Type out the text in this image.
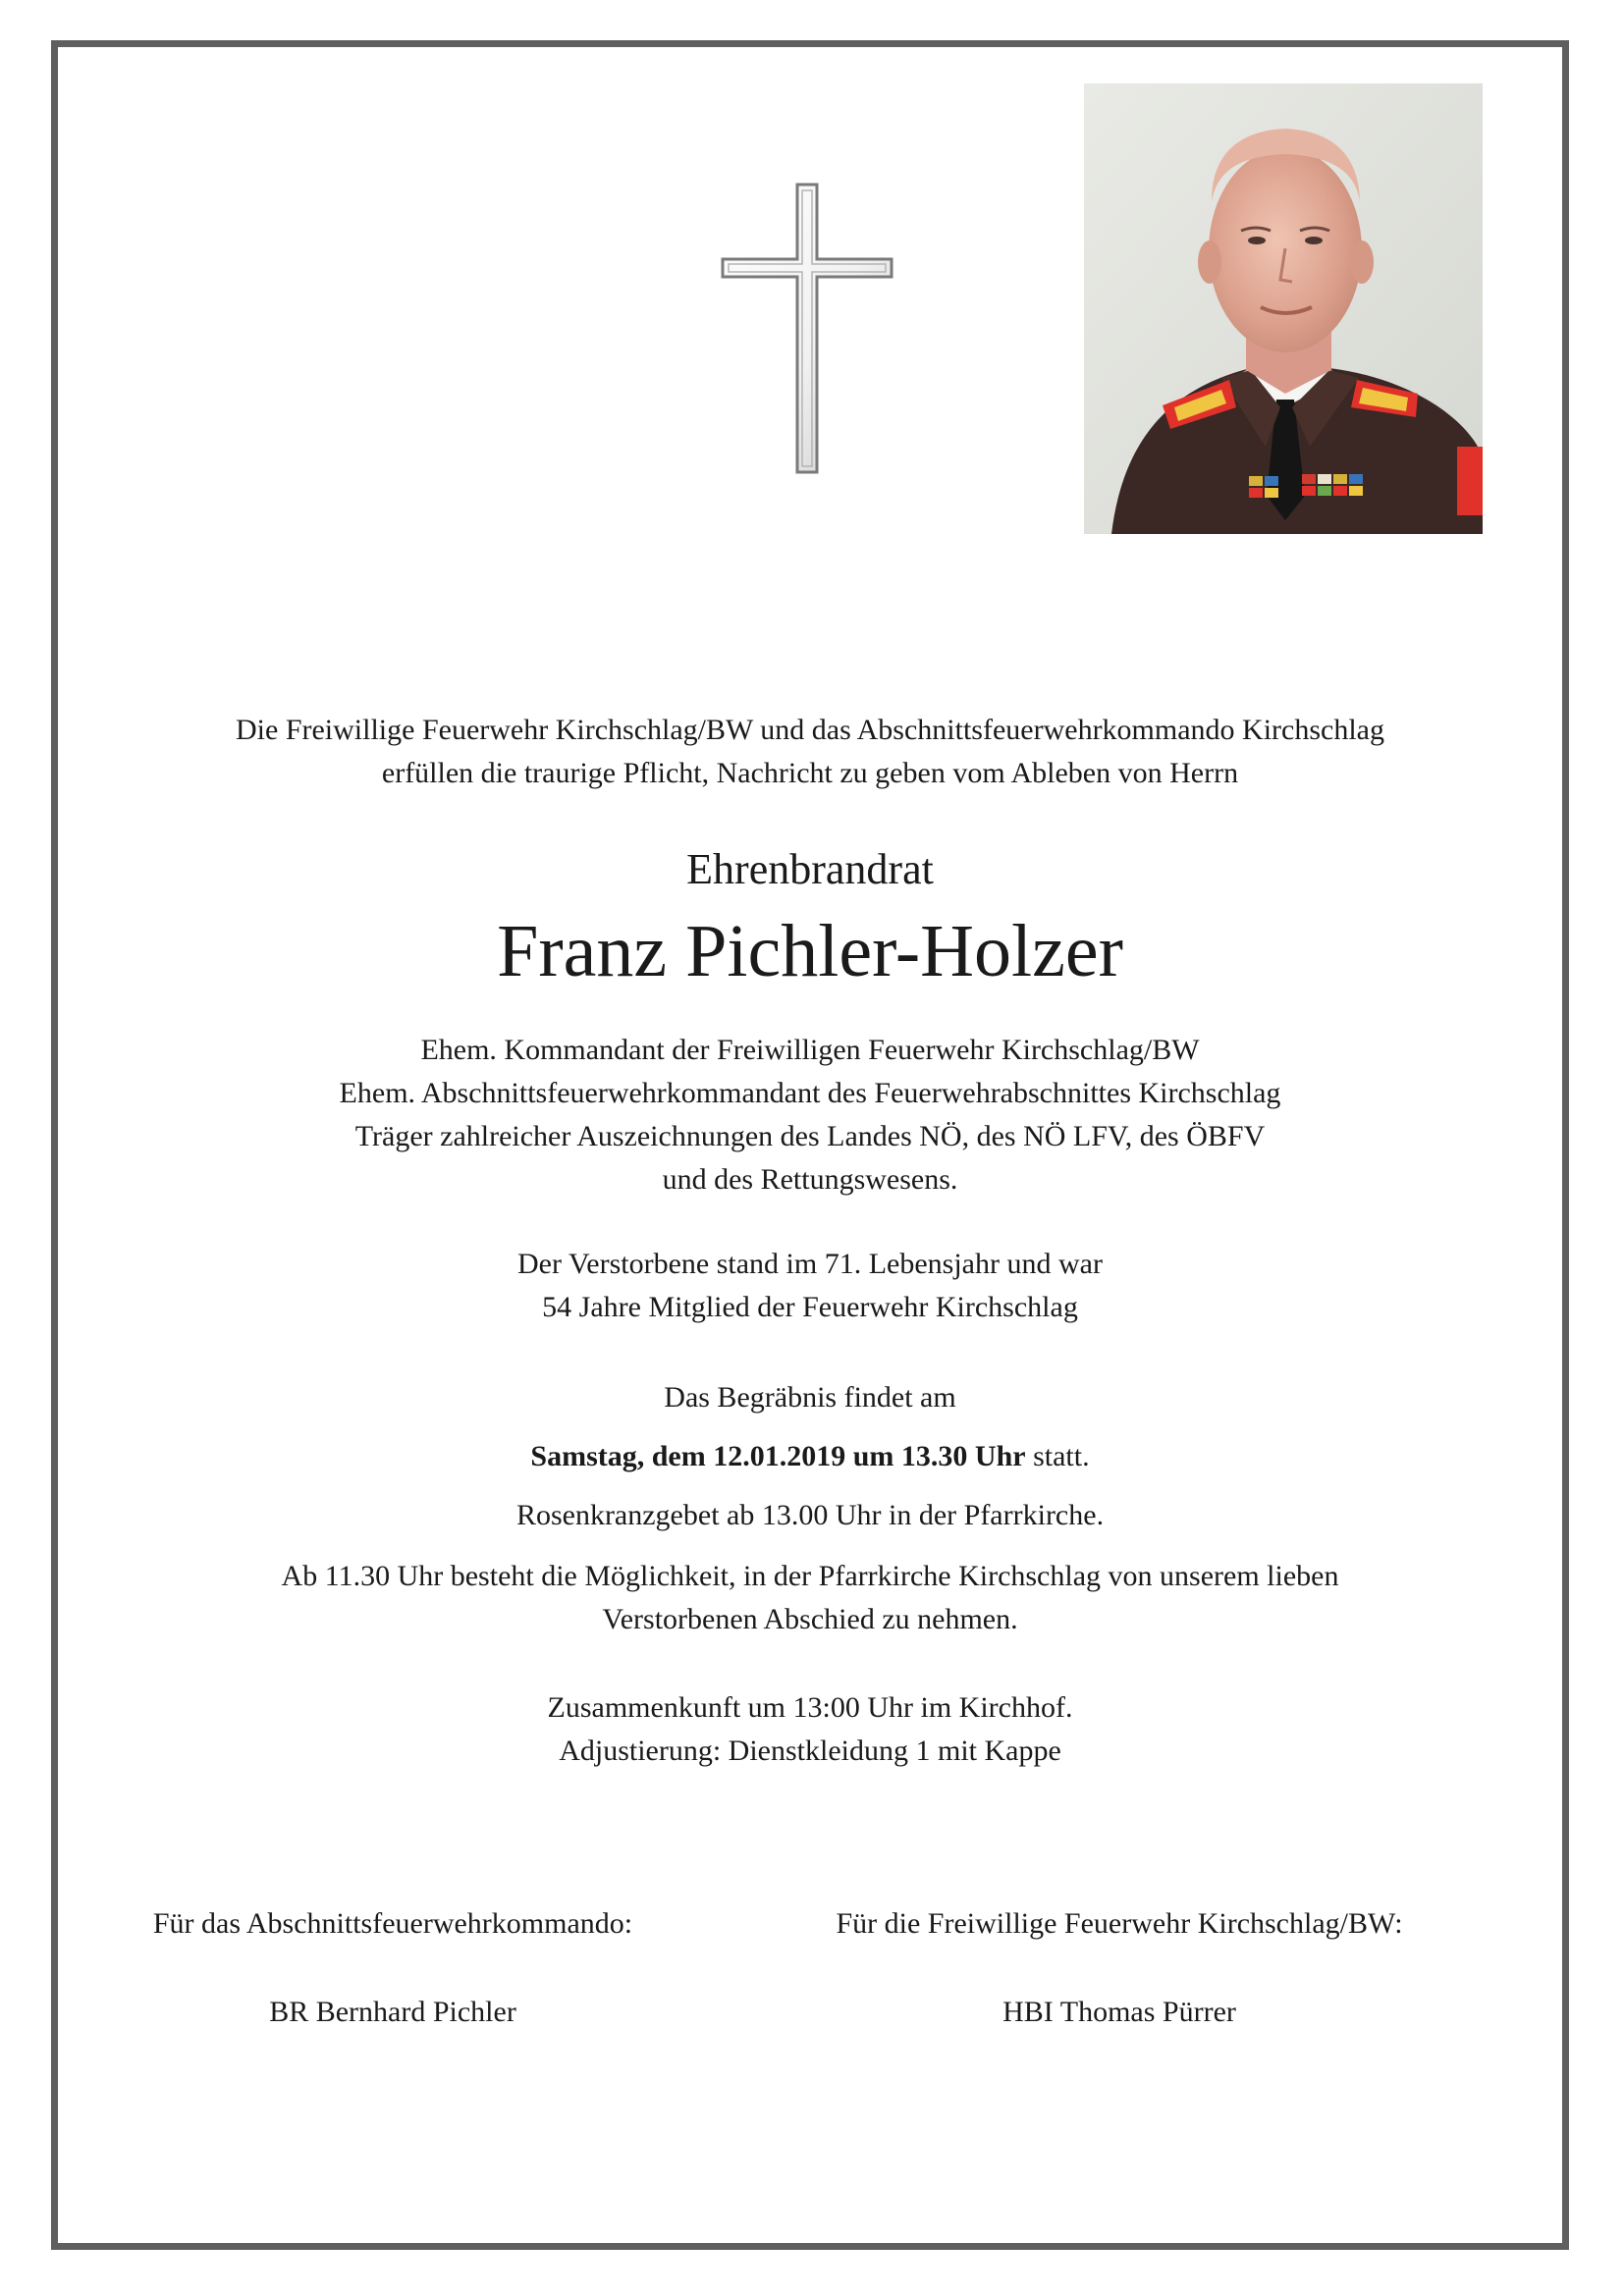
Die Freiwillige Feuerwehr Kirchschlag/BW und das Abschnittsfeuerwehrkommando Kirchschlag
erfüllen die traurige Pflicht, Nachricht zu geben vom Ableben von Herrn
Ehrenbrandrat
Franz Pichler-Holzer
Ehem. Kommandant der Freiwilligen Feuerwehr Kirchschlag/BW
Ehem. Abschnittsfeuerwehrkommandant des Feuerwehrabschnittes Kirchschlag
Träger zahlreicher Auszeichnungen des Landes NÖ, des NÖ LFV, des ÖBFV
und des Rettungswesens.
Der Verstorbene stand im 71. Lebensjahr und war
54 Jahre Mitglied der Feuerwehr Kirchschlag
Das Begräbnis findet am
Samstag, dem 12.01.2019 um 13.30 Uhr statt.
Rosenkranzgebet ab 13.00 Uhr in der Pfarrkirche.
Ab 11.30 Uhr besteht die Möglichkeit, in der Pfarrkirche Kirchschlag von unserem lieben
Verstorbenen Abschied zu nehmen.
Zusammenkunft um 13:00 Uhr im Kirchhof.
Adjustierung: Dienstkleidung 1 mit Kappe
Für das Abschnittsfeuerwehrkommando:
BR Bernhard Pichler
Für die Freiwillige Feuerwehr Kirchschlag/BW:
HBI Thomas Pürrer
